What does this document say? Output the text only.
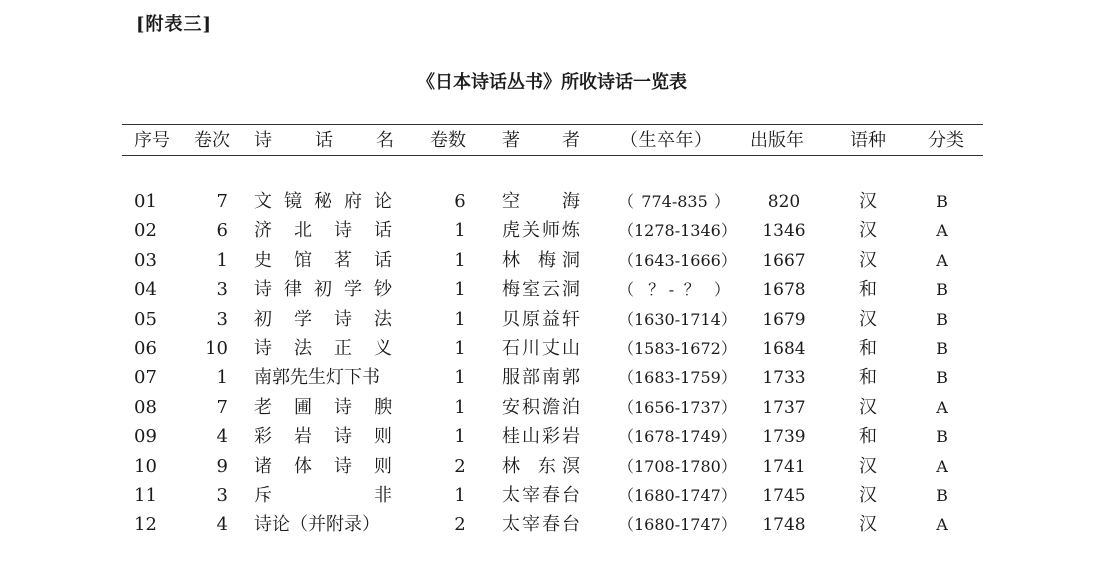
[附表三]
《日本诗话丛书》所收诗话一览表
序号 卷次	诗 话 名 卷数 著 者 （生卒年） 出版年	语种 分类
01	7 文镜秘府论	6	空 海 （ 774-835 ）	820	汉	B
02	6 济北诗话	1	虎关师炼 （1278-1346） 1346	汉	A
03	1 史馆茗话	1	林 梅洞 （1643-1666） 1667	汉	A
04	3 诗律初学钞	1	梅室云洞 （ ？- ？ ） 1678	和	B
05	3 初学诗法	1	贝原益轩 （1630-1714） 1679	汉	B
06	10 诗法正义	1	石川丈山 （1583-1672） 1684	和	B
07	1 南郭先生灯下书	1	服部南郭 （1683-1759） 1733	和	B
08	7 老圃诗腴	1	安积澹泊 （1656-1737） 1737	汉	A
09	4 彩岩诗则	1	桂山彩岩 （1678-1749） 1739	和	B
10	9 诸体诗则	2	林 东溟 （1708-1780） 1741	汉	A
11	3 斥 非	1	太宰春台 （1680-1747） 1745	汉	B
12	4 诗论（并附录）	2	太宰春台 （1680-1747） 1748	汉	A
